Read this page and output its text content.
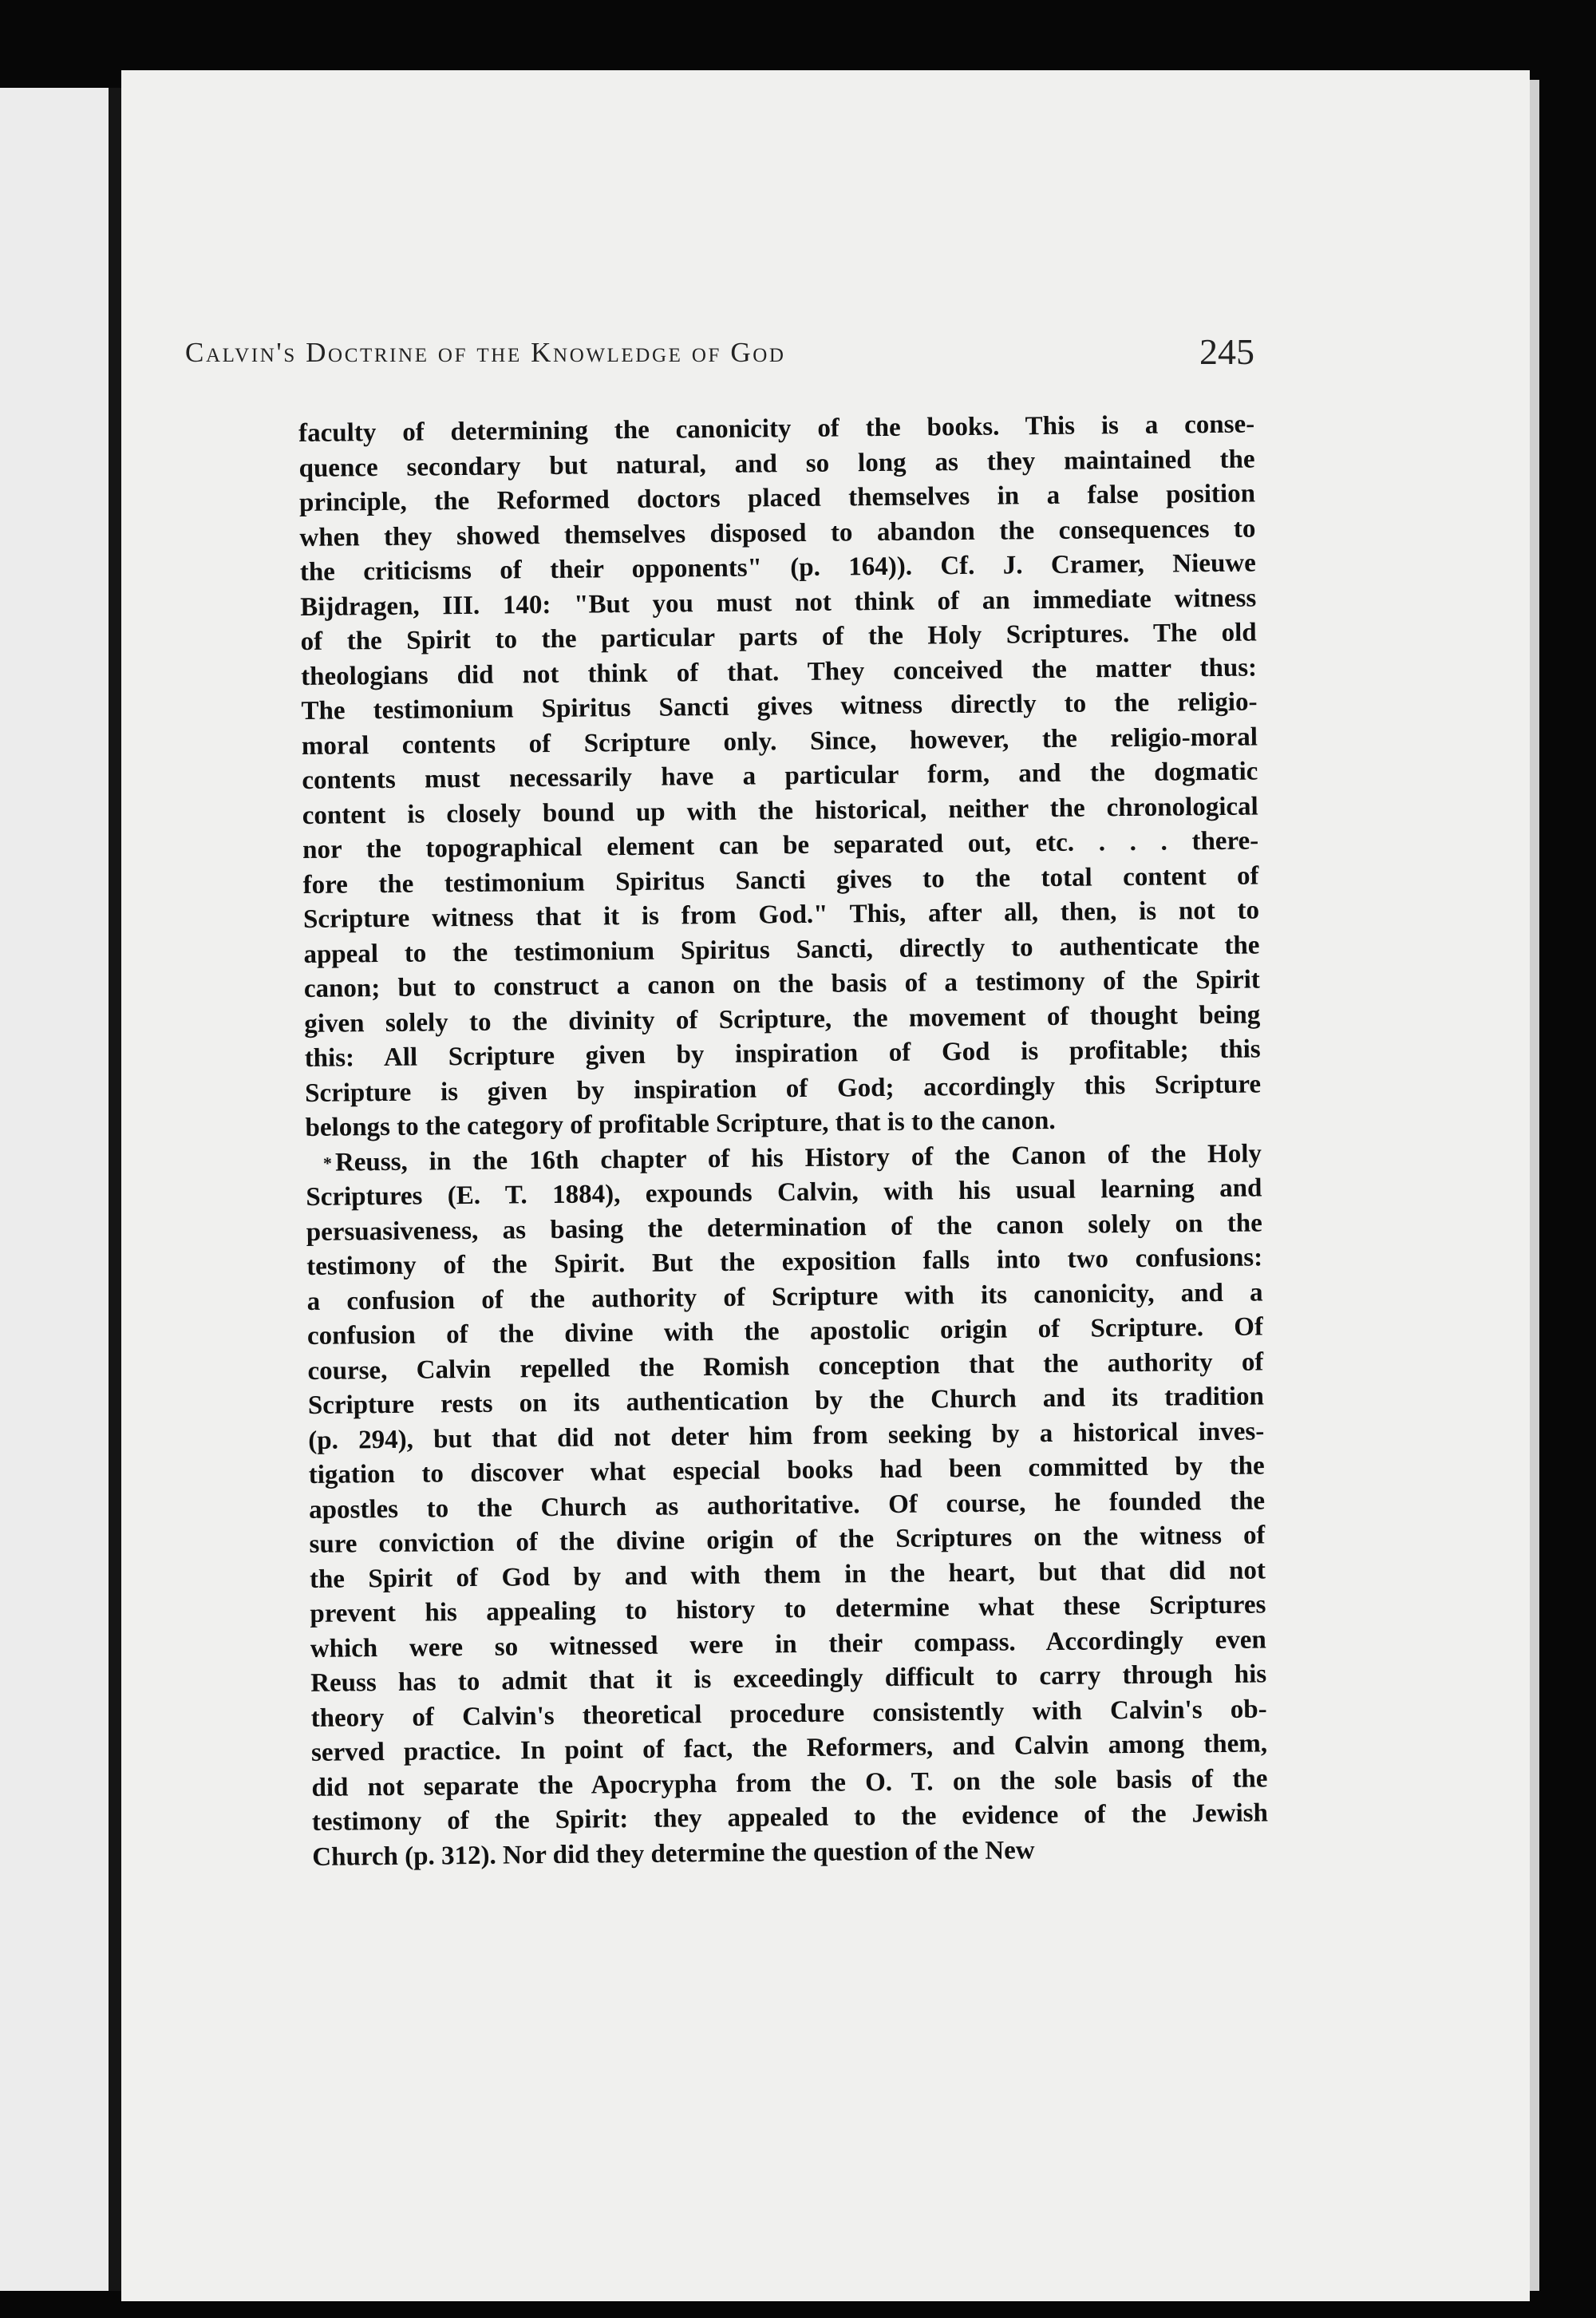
Calvin's Doctrine of the Knowledge of God	245
faculty of determining the canonicity of the books. This is a conse-
quence secondary but natural, and so long as they maintained the
principle, the Reformed doctors placed themselves in a false position
when they showed themselves disposed to abandon the consequences to
the criticisms of their opponents" (p. 164)). Cf. J. Cramer, Nieuwe
Bijdragen, III. 140: "But you must not think of an immediate witness
of the Spirit to the particular parts of the Holy Scriptures. The old
theologians did not think of that. They conceived the matter thus:
The testimonium Spiritus Sancti gives witness directly to the religio-
moral contents of Scripture only. Since, however, the religio-moral
contents must necessarily have a particular form, and the dogmatic
content is closely bound up with the historical, neither the chronological
nor the topographical element can be separated out, etc. . . . there-
fore the testimonium Spiritus Sancti gives to the total content of
Scripture witness that it is from God." This, after all, then, is not to
appeal to the testimonium Spiritus Sancti, directly to authenticate the
canon; but to construct a canon on the basis of a testimony of the Spirit
given solely to the divinity of Scripture, the movement of thought being
this: All Scripture given by inspiration of God is profitable; this
Scripture is given by inspiration of God; accordingly this Scripture
belongs to the category of profitable Scripture, that is to the canon.
* Reuss, in the 16th chapter of his History of the Canon of the Holy
Scriptures (E. T. 1884), expounds Calvin, with his usual learning and
persuasiveness, as basing the determination of the canon solely on the
testimony of the Spirit. But the exposition falls into two confusions:
a confusion of the authority of Scripture with its canonicity, and a
confusion of the divine with the apostolic origin of Scripture. Of
course, Calvin repelled the Romish conception that the authority of
Scripture rests on its authentication by the Church and its tradition
(p. 294), but that did not deter him from seeking by a historical inves-
tigation to discover what especial books had been committed by the
apostles to the Church as authoritative. Of course, he founded the
sure conviction of the divine origin of the Scriptures on the witness of
the Spirit of God by and with them in the heart, but that did not
prevent his appealing to history to determine what these Scriptures
which were so witnessed were in their compass. Accordingly even
Reuss has to admit that it is exceedingly difficult to carry through his
theory of Calvin's theoretical procedure consistently with Calvin's ob-
served practice. In point of fact, the Reformers, and Calvin among them,
did not separate the Apocrypha from the O. T. on the sole basis of the
testimony of the Spirit: they appealed to the evidence of the Jewish
Church (p. 312). Nor did they determine the question of the New
